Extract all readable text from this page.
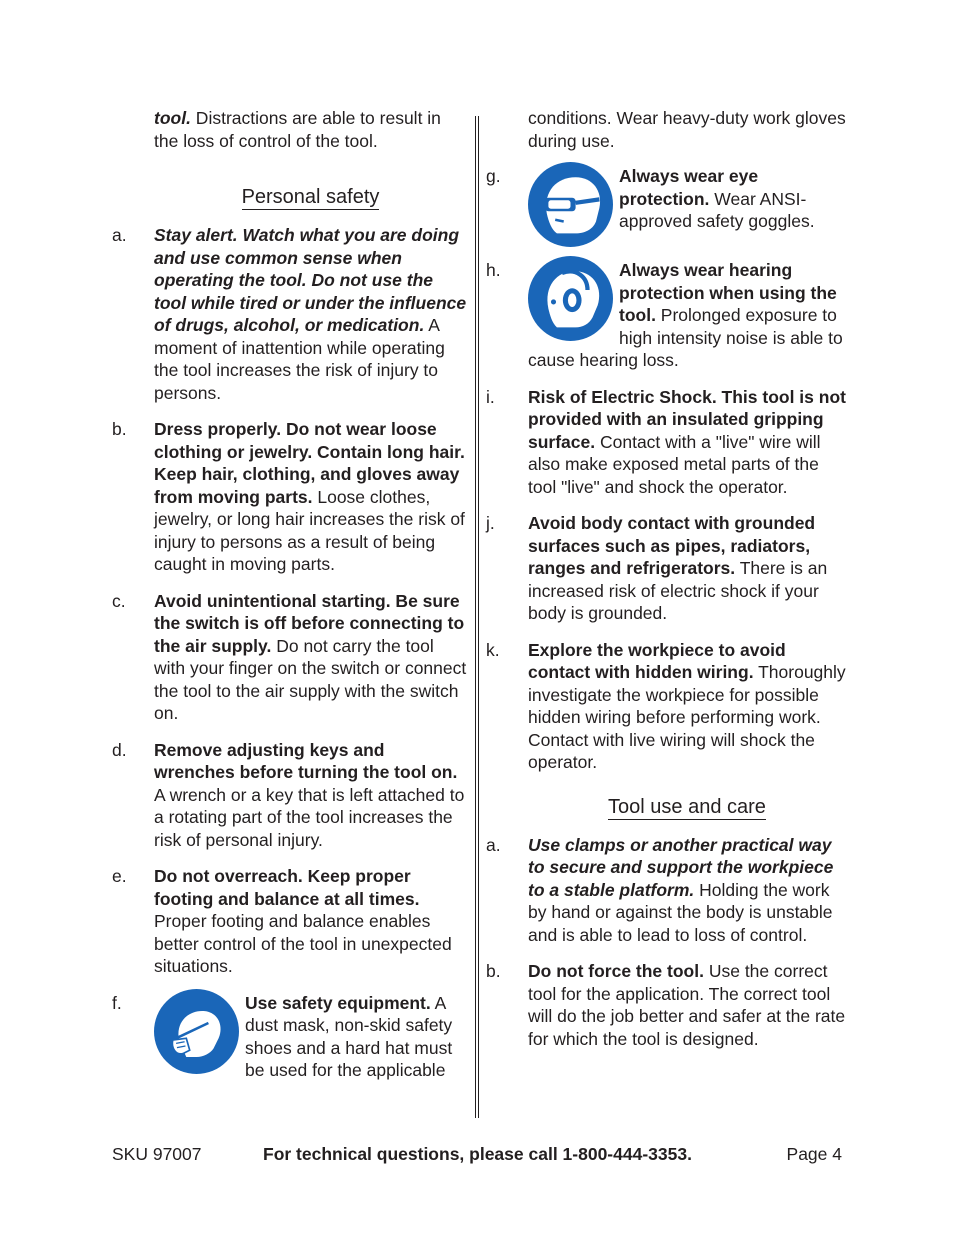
tool. Distractions are able to result in the loss of control of the tool.

Personal safety
a. Stay alert. Watch what you are doing and use common sense when operating the tool. Do not use the tool while tired or under the influence of drugs, alcohol, or medication. A moment of inattention while operating the tool increases the risk of injury to persons.
b. Dress properly. Do not wear loose clothing or jewelry. Contain long hair. Keep hair, clothing, and gloves away from moving parts. Loose clothes, jewelry, or long hair increases the risk of injury to persons as a result of being caught in moving parts.
c. Avoid unintentional starting. Be sure the switch is off before connecting to the air supply. Do not carry the tool with your finger on the switch or connect the tool to the air supply with the switch on.
d. Remove adjusting keys and wrenches before turning the tool on. A wrench or a key that is left attached to a rotating part of the tool increases the risk of personal injury.
e. Do not overreach. Keep proper footing and balance at all times. Proper footing and balance enables better control of the tool in unexpected situations.
f.	Use safety equipment. A dust mask, non-skid safety shoes and a hard hat must be used for the applicable

conditions. Wear heavy-duty work gloves during use.

g.	Always wear eye protection. Wear ANSI-approved safety goggles.
h.	Always wear hearing protection when using the tool. Prolonged exposure to high intensity noise is able to cause hearing loss.
i. Risk of Electric Shock. This tool is not provided with an insulated gripping surface. Contact with a "live" wire will also make exposed metal parts of the tool "live" and shock the operator.
j. Avoid body contact with grounded surfaces such as pipes, radiators, ranges and refrigerators. There is an increased risk of electric shock if your body is grounded.
k. Explore the workpiece to avoid contact with hidden wiring. Thoroughly investigate the workpiece for possible hidden wiring before performing work. Contact with live wiring will shock the operator.
Tool use and care
a. Use clamps or another practical way to secure and support the workpiece to a stable platform. Holding the work by hand or against the body is unstable and is able to lead to loss of control.
b. Do not force the tool. Use the correct tool for the application. The correct tool will do the job better and safer at the rate for which the tool is designed.
SKU 97007	For technical questions, please call 1-800-444-3353.	Page 4
